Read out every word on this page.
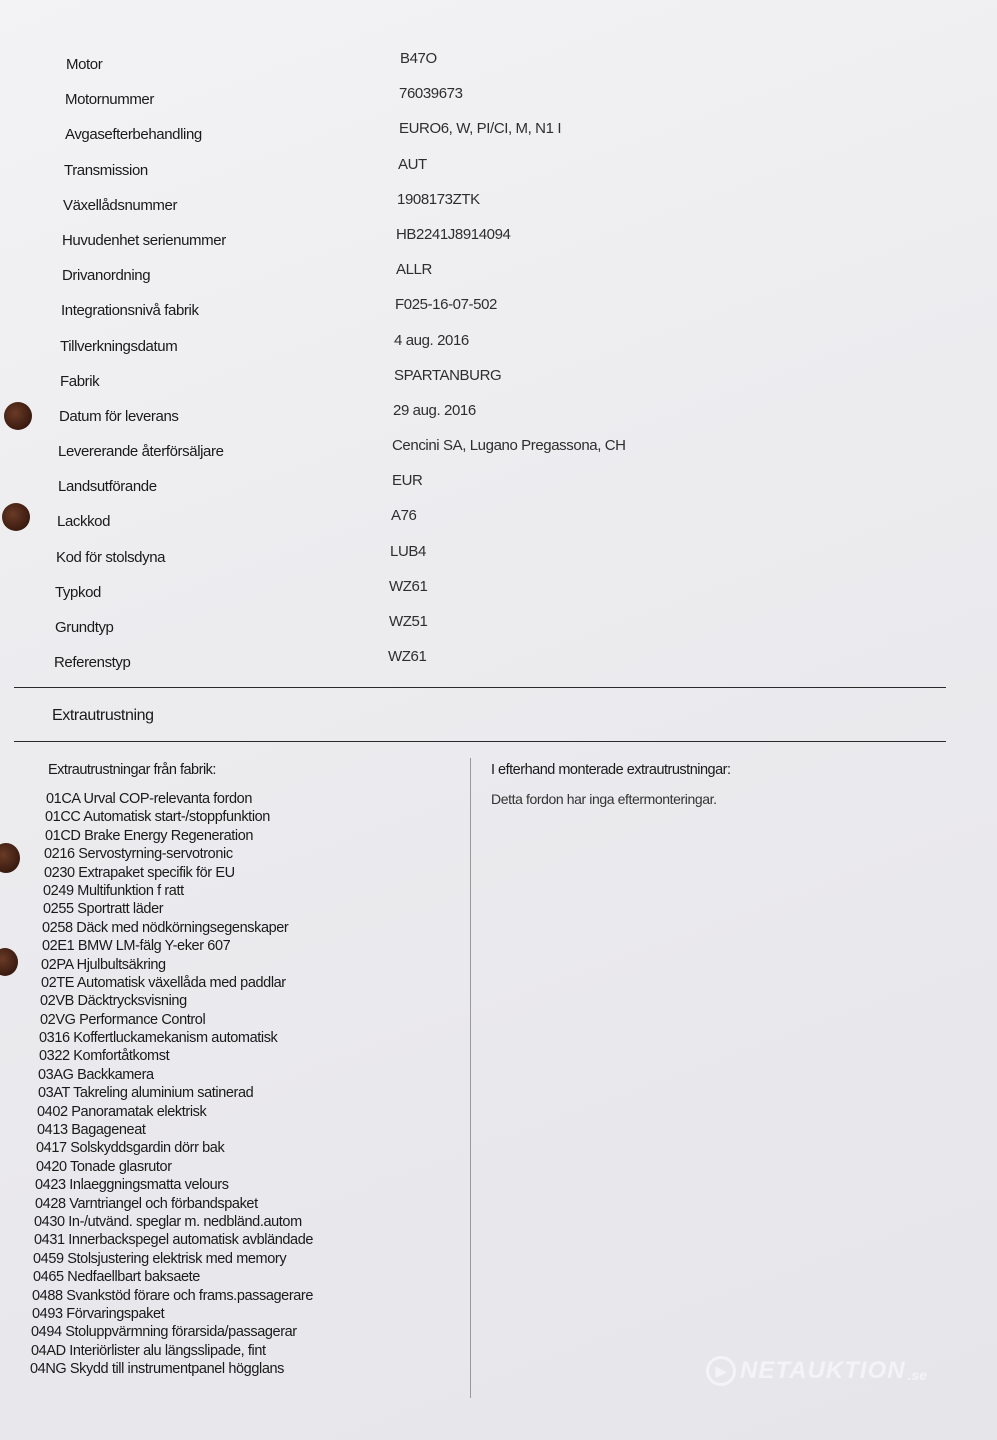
Motor	B47O
Motornummer	76039673
Avgasefterbehandling	EURO6, W, PI/CI, M, N1 I
Transmission	AUT
Växellådsnummer	1908173ZTK
Huvudenhet serienummer	HB2241J8914094
Drivanordning	ALLR
Integrationsnivå fabrik	F025-16-07-502
Tillverkningsdatum	4 aug. 2016
Fabrik	SPARTANBURG
Datum för leverans	29 aug. 2016
Levererande återförsäljare	Cencini SA, Lugano Pregassona, CH
Landsutförande	EUR
Lackkod	A76
Kod för stolsdyna	LUB4
Typkod	WZ61
Grundtyp	WZ51
Referenstyp	WZ61
Extrautrustning
Extrautrustningar från fabrik:
01CA Urval COP-relevanta fordon
01CC Automatisk start-/stoppfunktion
01CD Brake Energy Regeneration
0216 Servostyrning-servotronic
0230 Extrapaket specifik för EU
0249 Multifunktion f ratt
0255 Sportratt läder
0258 Däck med nödkörningsegenskaper
02E1 BMW LM-fälg Y-eker 607
02PA Hjulbultsäkring
02TE Automatisk växellåda med paddlar
02VB Däcktrycksvisning
02VG Performance Control
0316 Koffertluckamekanism automatisk
0322 Komfortåtkomst
03AG Backkamera
03AT Takreling aluminium satinerad
0402 Panoramatak elektrisk
0413 Bagageneat
0417 Solskyddsgardin dörr bak
0420 Tonade glasrutor
0423 Inlaeggningsmatta velours
0428 Varntriangel och förbandspaket
0430 In-/utvänd. speglar m. nedbländ.autom
0431 Innerbackspegel automatisk avbländade
0459 Stolsjustering elektrisk med memory
0465 Nedfaellbart baksaete
0488 Svankstöd förare och frams.passagerare
0493 Förvaringspaket
0494 Stoluppvärmning förarsida/passagerar
04AD Interiörlister alu längsslipade, fint
04NG Skydd till instrumentpanel högglans
I efterhand monterade extrautrustningar:
Detta fordon har inga eftermonteringar.
▶ NETAUKTION .se
